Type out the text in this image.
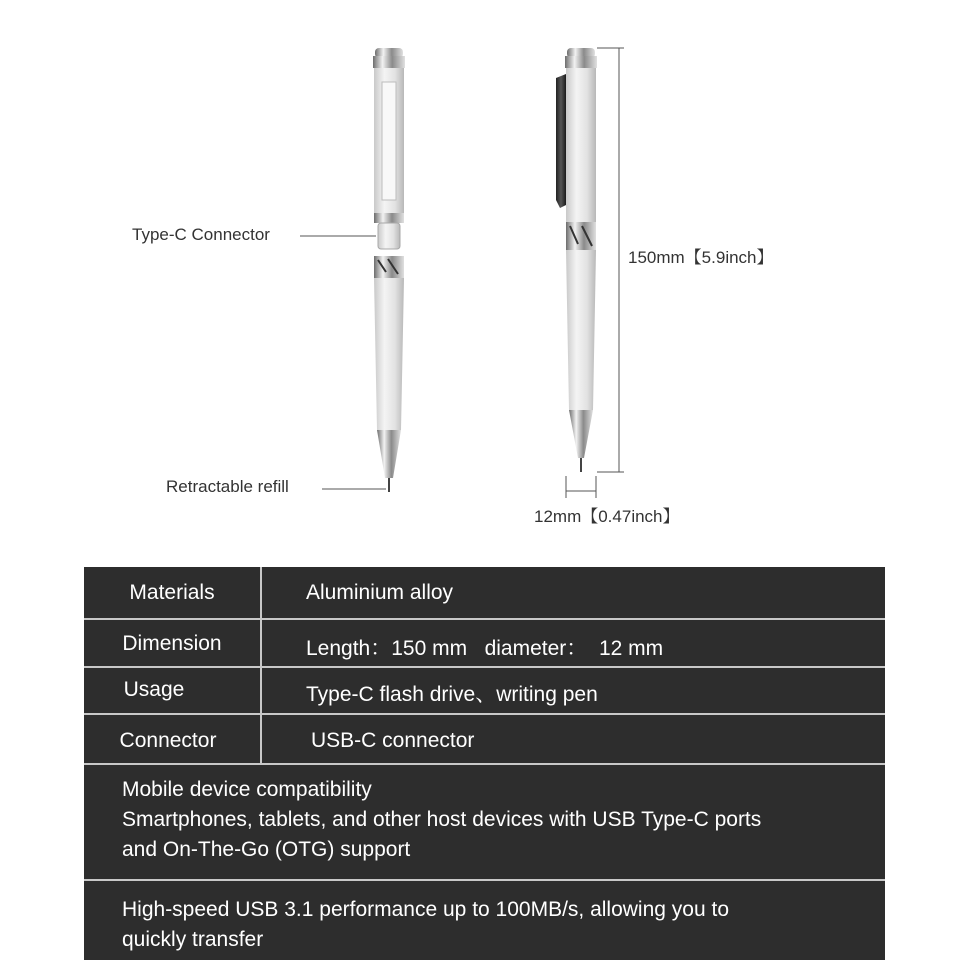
Type-C Connector
Retractable refill
150mm【5.9inch】
12mm【0.47inch】
Materials	Aluminium alloy
Dimension	Length：150 mm   diameter：  12 mm
Usage	Type-C flash drive、writing pen
Connector	USB-C connector
Mobile device compatibility
Smartphones, tablets, and other host devices with USB Type-C ports
and On-The-Go (OTG) support
High-speed USB 3.1 performance up to 100MB/s, allowing you to
quickly transfer
